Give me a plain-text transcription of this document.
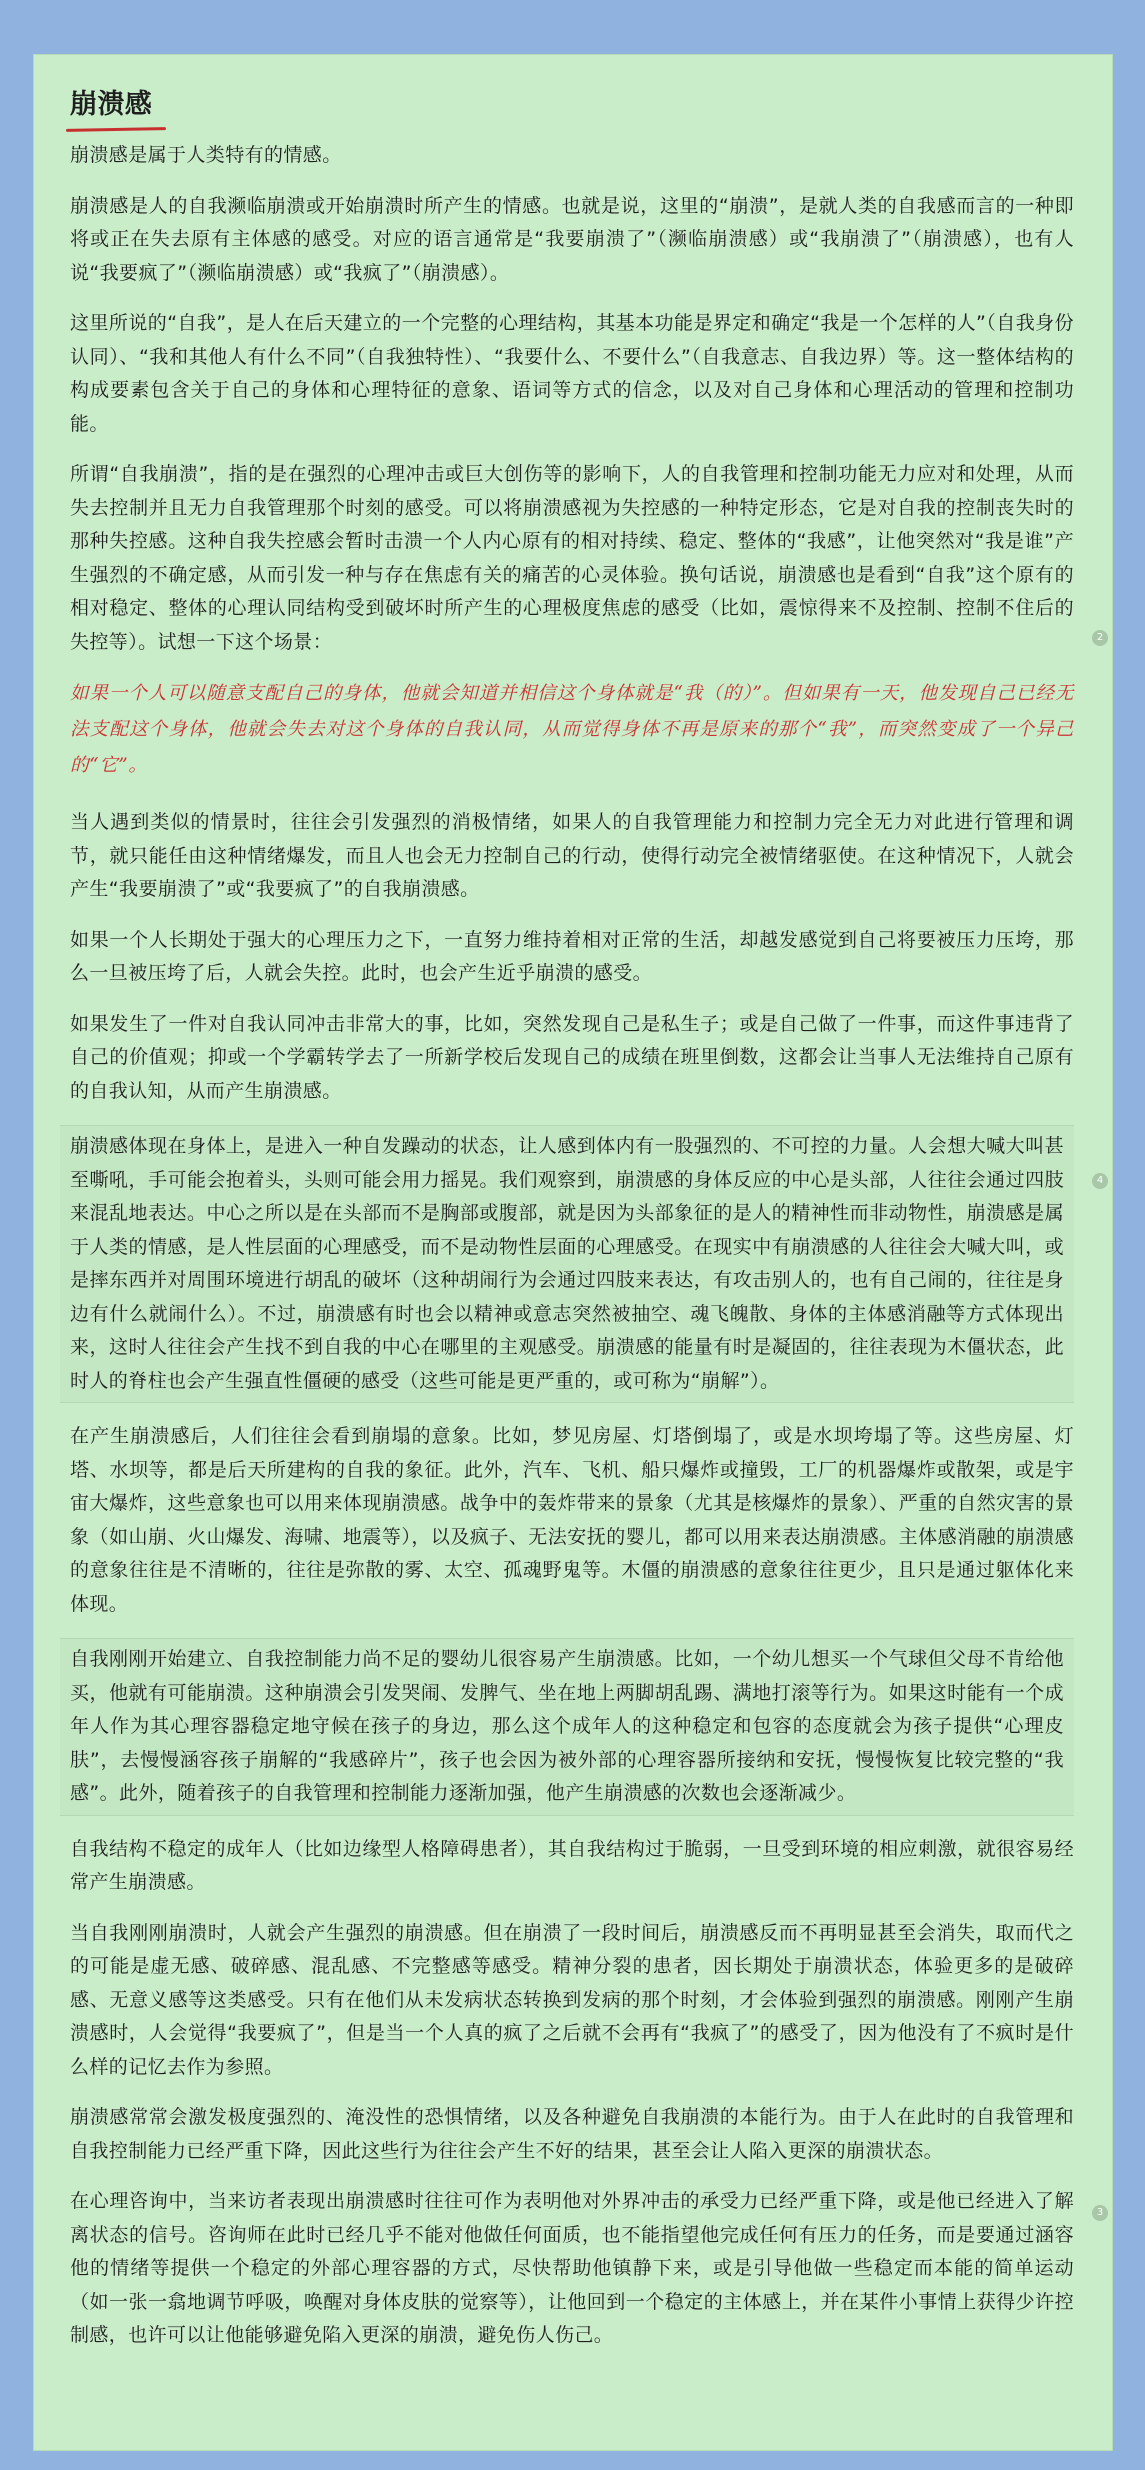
崩溃感

崩溃感是属于人类特有的情感。

崩溃感是人的自我濒临崩溃或开始崩溃时所产生的情感。也就是说，这里的“崩溃”，是就人类的自我感而言的一种即将或正在失去原有主体感的感受。对应的语言通常是“我要崩溃了”（濒临崩溃感）或“我崩溃了”（崩溃感），也有人说“我要疯了”（濒临崩溃感）或“我疯了”（崩溃感）。

这里所说的“自我”，是人在后天建立的一个完整的心理结构，其基本功能是界定和确定“我是一个怎样的人”（自我身份认同）、“我和其他人有什么不同”（自我独特性）、“我要什么、不要什么”（自我意志、自我边界）等。这一整体结构的构成要素包含关于自己的身体和心理特征的意象、语词等方式的信念，以及对自己身体和心理活动的管理和控制功能。

所谓“自我崩溃”，指的是在强烈的心理冲击或巨大创伤等的影响下，人的自我管理和控制功能无力应对和处理，从而失去控制并且无力自我管理那个时刻的感受。可以将崩溃感视为失控感的一种特定形态，它是对自我的控制丧失时的那种失控感。这种自我失控感会暂时击溃一个人内心原有的相对持续、稳定、整体的“我感”，让他突然对“我是谁”产生强烈的不确定感，从而引发一种与存在焦虑有关的痛苦的心灵体验。换句话说，崩溃感也是看到“自我”这个原有的相对稳定、整体的心理认同结构受到破坏时所产生的心理极度焦虑的感受（比如，震惊得来不及控制、控制不住后的失控等）。试想一下这个场景：

如果一个人可以随意支配自己的身体，他就会知道并相信这个身体就是“我（的）”。但如果有一天，他发现自己已经无法支配这个身体，他就会失去对这个身体的自我认同，从而觉得身体不再是原来的那个“我”，而突然变成了一个异己的“它”。

当人遇到类似的情景时，往往会引发强烈的消极情绪，如果人的自我管理能力和控制力完全无力对此进行管理和调节，就只能任由这种情绪爆发，而且人也会无力控制自己的行动，使得行动完全被情绪驱使。在这种情况下，人就会产生“我要崩溃了”或“我要疯了”的自我崩溃感。

如果一个人长期处于强大的心理压力之下，一直努力维持着相对正常的生活，却越发感觉到自己将要被压力压垮，那么一旦被压垮了后，人就会失控。此时，也会产生近乎崩溃的感受。

如果发生了一件对自我认同冲击非常大的事，比如，突然发现自己是私生子；或是自己做了一件事，而这件事违背了自己的价值观；抑或一个学霸转学去了一所新学校后发现自己的成绩在班里倒数，这都会让当事人无法维持自己原有的自我认知，从而产生崩溃感。

崩溃感体现在身体上，是进入一种自发躁动的状态，让人感到体内有一股强烈的、不可控的力量。人会想大喊大叫甚至嘶吼，手可能会抱着头，头则可能会用力摇晃。我们观察到，崩溃感的身体反应的中心是头部，人往往会通过四肢来混乱地表达。中心之所以是在头部而不是胸部或腹部，就是因为头部象征的是人的精神性而非动物性，崩溃感是属于人类的情感，是人性层面的心理感受，而不是动物性层面的心理感受。在现实中有崩溃感的人往往会大喊大叫，或是摔东西并对周围环境进行胡乱的破坏（这种胡闹行为会通过四肢来表达，有攻击别人的，也有自己闹的，往往是身边有什么就闹什么）。不过，崩溃感有时也会以精神或意志突然被抽空、魂飞魄散、身体的主体感消融等方式体现出来，这时人往往会产生找不到自我的中心在哪里的主观感受。崩溃感的能量有时是凝固的，往往表现为木僵状态，此时人的脊柱也会产生强直性僵硬的感受（这些可能是更严重的，或可称为“崩解”）。

在产生崩溃感后，人们往往会看到崩塌的意象。比如，梦见房屋、灯塔倒塌了，或是水坝垮塌了等。这些房屋、灯塔、水坝等，都是后天所建构的自我的象征。此外，汽车、飞机、船只爆炸或撞毁，工厂的机器爆炸或散架，或是宇宙大爆炸，这些意象也可以用来体现崩溃感。战争中的轰炸带来的景象（尤其是核爆炸的景象）、严重的自然灾害的景象（如山崩、火山爆发、海啸、地震等），以及疯子、无法安抚的婴儿，都可以用来表达崩溃感。主体感消融的崩溃感的意象往往是不清晰的，往往是弥散的雾、太空、孤魂野鬼等。木僵的崩溃感的意象往往更少，且只是通过躯体化来体现。

自我刚刚开始建立、自我控制能力尚不足的婴幼儿很容易产生崩溃感。比如，一个幼儿想买一个气球但父母不肯给他买，他就有可能崩溃。这种崩溃会引发哭闹、发脾气、坐在地上两脚胡乱踢、满地打滚等行为。如果这时能有一个成年人作为其心理容器稳定地守候在孩子的身边，那么这个成年人的这种稳定和包容的态度就会为孩子提供“心理皮肤”，去慢慢涵容孩子崩解的“我感碎片”，孩子也会因为被外部的心理容器所接纳和安抚，慢慢恢复比较完整的“我感”。此外，随着孩子的自我管理和控制能力逐渐加强，他产生崩溃感的次数也会逐渐减少。

自我结构不稳定的成年人（比如边缘型人格障碍患者），其自我结构过于脆弱，一旦受到环境的相应刺激，就很容易经常产生崩溃感。

当自我刚刚崩溃时，人就会产生强烈的崩溃感。但在崩溃了一段时间后，崩溃感反而不再明显甚至会消失，取而代之的可能是虚无感、破碎感、混乱感、不完整感等感受。精神分裂的患者，因长期处于崩溃状态，体验更多的是破碎感、无意义感等这类感受。只有在他们从未发病状态转换到发病的那个时刻，才会体验到强烈的崩溃感。刚刚产生崩溃感时，人会觉得“我要疯了”，但是当一个人真的疯了之后就不会再有“我疯了”的感受了，因为他没有了不疯时是什么样的记忆去作为参照。

崩溃感常常会激发极度强烈的、淹没性的恐惧情绪，以及各种避免自我崩溃的本能行为。由于人在此时的自我管理和自我控制能力已经严重下降，因此这些行为往往会产生不好的结果，甚至会让人陷入更深的崩溃状态。

在心理咨询中，当来访者表现出崩溃感时往往可作为表明他对外界冲击的承受力已经严重下降，或是他已经进入了解离状态的信号。咨询师在此时已经几乎不能对他做任何面质，也不能指望他完成任何有压力的任务，而是要通过涵容他的情绪等提供一个稳定的外部心理容器的方式，尽快帮助他镇静下来，或是引导他做一些稳定而本能的简单运动（如一张一翕地调节呼吸，唤醒对身体皮肤的觉察等），让他回到一个稳定的主体感上，并在某件小事情上获得少许控制感，也许可以让他能够避免陷入更深的崩溃，避免伤人伤己。

2
4
3
